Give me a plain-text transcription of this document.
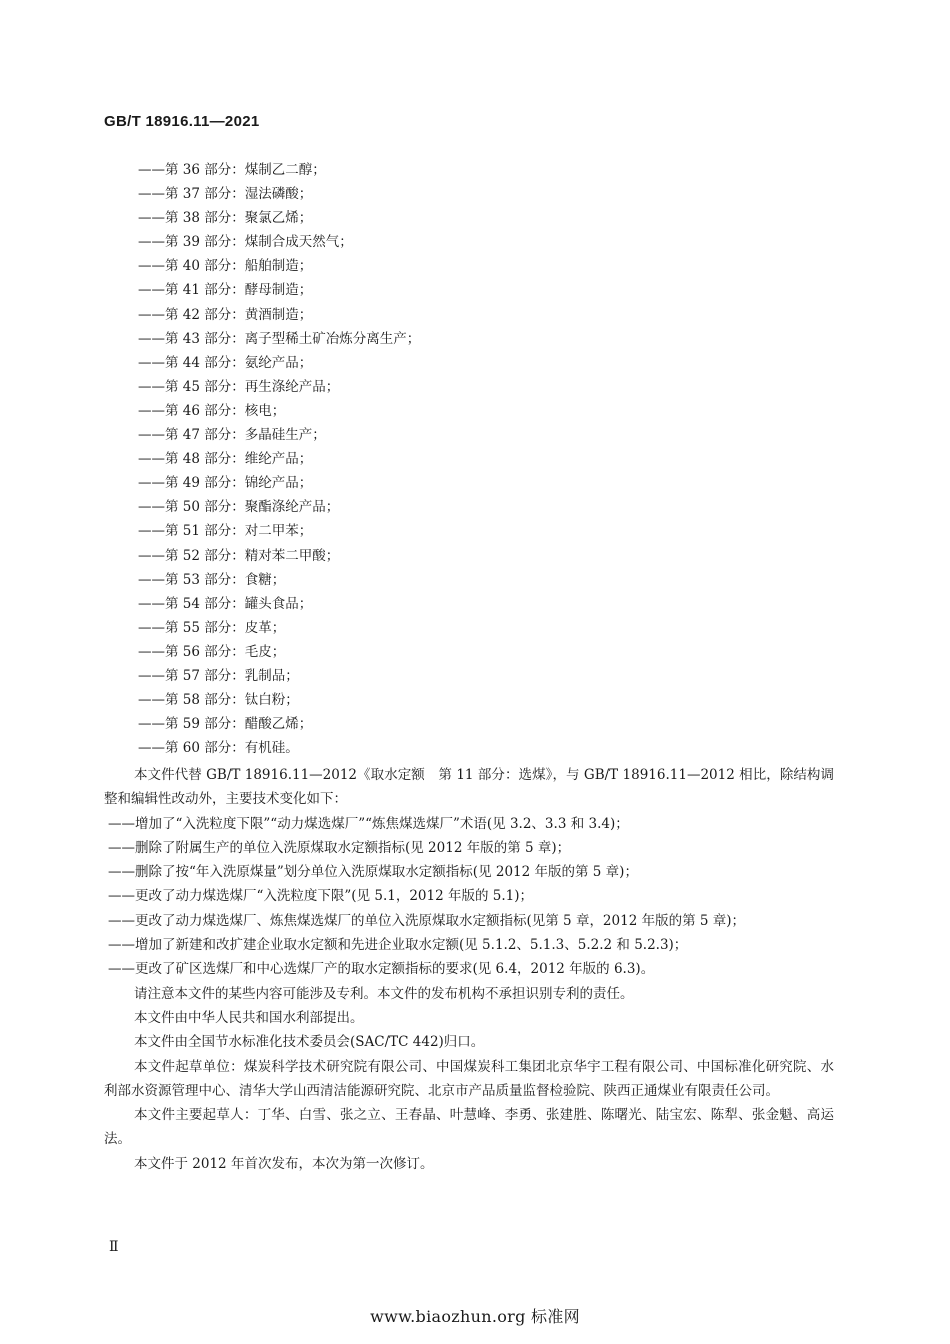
GB/T 18916.11—2021
——第 36 部分：煤制乙二醇；
——第 37 部分：湿法磷酸；
——第 38 部分：聚氯乙烯；
——第 39 部分：煤制合成天然气；
——第 40 部分：船舶制造；
——第 41 部分：酵母制造；
——第 42 部分：黄酒制造；
——第 43 部分：离子型稀土矿冶炼分离生产；
——第 44 部分：氨纶产品；
——第 45 部分：再生涤纶产品；
——第 46 部分：核电；
——第 47 部分：多晶硅生产；
——第 48 部分：维纶产品；
——第 49 部分：锦纶产品；
——第 50 部分：聚酯涤纶产品；
——第 51 部分：对二甲苯；
——第 52 部分：精对苯二甲酸；
——第 53 部分：食糖；
——第 54 部分：罐头食品；
——第 55 部分：皮革；
——第 56 部分：毛皮；
——第 57 部分：乳制品；
——第 58 部分：钛白粉；
——第 59 部分：醋酸乙烯；
——第 60 部分：有机硅。
本文件代替 GB/T 18916.11—2012《取水定额　第 11 部分：选煤》，与 GB/T 18916.11—2012 相比，除结构调整和编辑性改动外，主要技术变化如下：
——增加了“入洗粒度下限”“动力煤选煤厂”“炼焦煤选煤厂”术语(见 3.2、3.3 和 3.4)；
——删除了附属生产的单位入洗原煤取水定额指标(见 2012 年版的第 5 章)；
——删除了按“年入洗原煤量”划分单位入洗原煤取水定额指标(见 2012 年版的第 5 章)；
——更改了动力煤选煤厂“入洗粒度下限”(见 5.1，2012 年版的 5.1)；
——更改了动力煤选煤厂、炼焦煤选煤厂的单位入洗原煤取水定额指标(见第 5 章，2012 年版的第 5 章)；
——增加了新建和改扩建企业取水定额和先进企业取水定额(见 5.1.2、5.1.3、5.2.2 和 5.2.3)；
——更改了矿区选煤厂和中心选煤厂产的取水定额指标的要求(见 6.4，2012 年版的 6.3)。
请注意本文件的某些内容可能涉及专利。本文件的发布机构不承担识别专利的责任。
本文件由中华人民共和国水利部提出。
本文件由全国节水标准化技术委员会(SAC/TC 442)归口。
本文件起草单位：煤炭科学技术研究院有限公司、中国煤炭科工集团北京华宇工程有限公司、中国标准化研究院、水利部水资源管理中心、清华大学山西清洁能源研究院、北京市产品质量监督检验院、陕西正通煤业有限责任公司。
本文件主要起草人：丁华、白雪、张之立、王春晶、叶慧峰、李勇、张建胜、陈曙光、陆宝宏、陈犁、张金魁、高运法。
本文件于 2012 年首次发布，本次为第一次修订。
Ⅱ
www.biaozhun.org 标准网
